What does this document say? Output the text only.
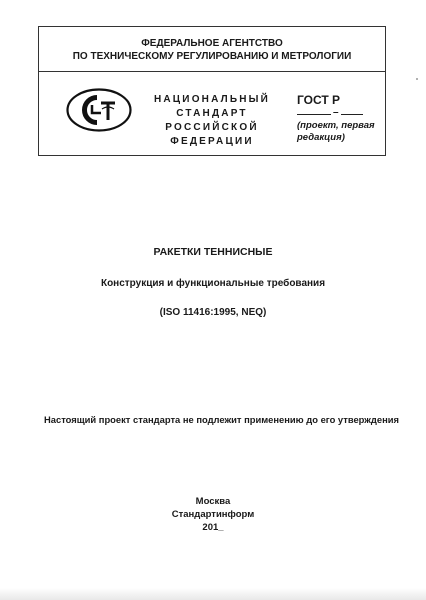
ФЕДЕРАЛЬНОЕ АГЕНТСТВО
ПО ТЕХНИЧЕСКОМУ РЕГУЛИРОВАНИЮ И МЕТРОЛОГИИ
НАЦИОНАЛЬНЫЙ
СТАНДАРТ
РОССИЙСКОЙ
ФЕДЕРАЦИИ
ГОСТ Р
–
(проект, первая
редакция)
РАКЕТКИ ТЕННИСНЫЕ
Конструкция и функциональные требования
(ISO 11416:1995, NEQ)
Настоящий проект стандарта не подлежит применению до его утверждения
Москва
Стандартинформ
201_
